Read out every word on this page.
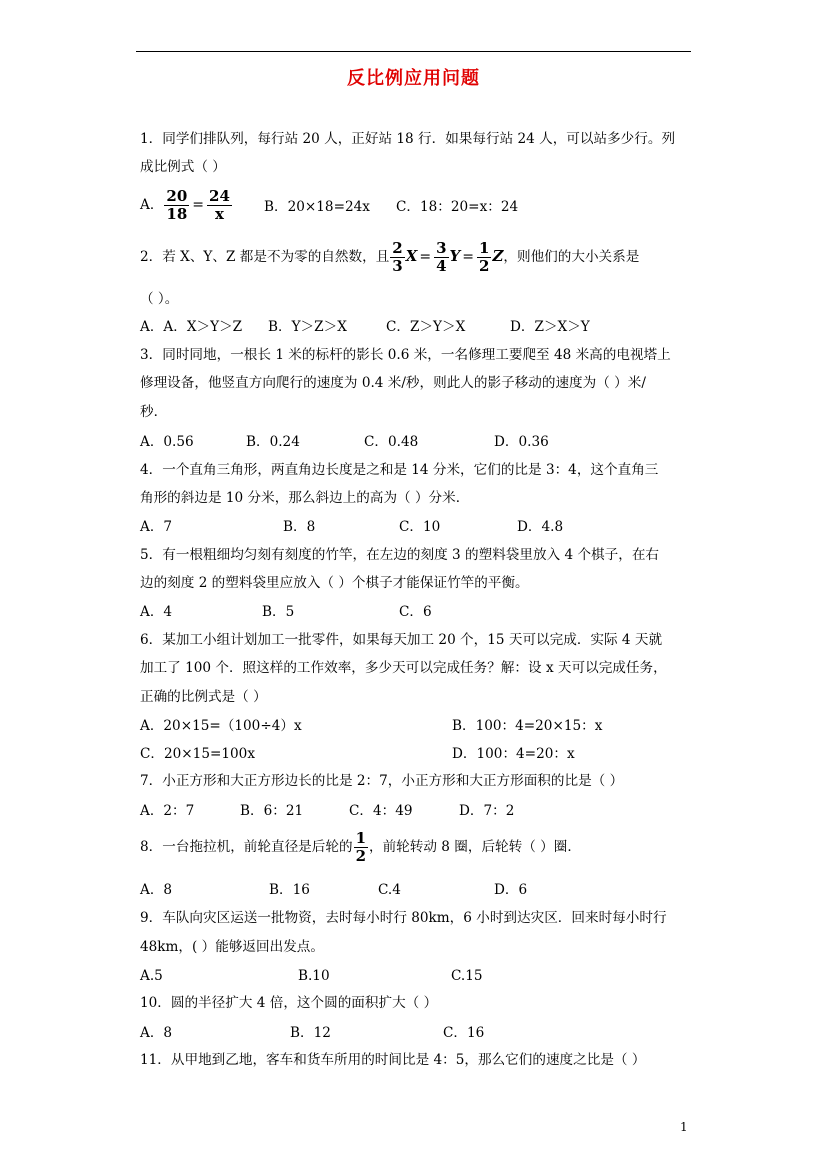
反比例应用问题
1．同学们排队列，每行站 20 人，正好站 18 行．如果每行站 24 人，可以站多少行。列
成比例式（ ）
A． $\frac{20}{18} = \frac{24}{x}$ B．20×18=24x C．18：20=x：24
2．若 X、Y、Z 都是不为零的自然数，且 $\frac{2}{3}$ $X = \frac{3}{4}$ $Y = \frac{1}{2}$ Z，则他们的大小关系是
（ ）。
A．A．X＞Y＞Z B．Y＞Z＞X	C．Z＞Y＞X	D．Z＞X＞Y
3．同时同地，一根长 1 米的标杆的影长 0.6 米，一名修理工要爬至 48 米高的电视塔上
修理设备，他竖直方向爬行的速度为 0.4 米/秒，则此人的影子移动的速度为（ ）米/
秒．
A．0.56	B．0.24	C．0.48	D．0.36
4．一个直角三角形，两直角边长度是之和是 14 分米，它们的比是 3：4，这个直角三
角形的斜边是 10 分米，那么斜边上的高为（ ）分米．
A．7	B．8	C．10	D．4.8
5．有一根粗细均匀刻有刻度的竹竿，在左边的刻度 3 的塑料袋里放入 4 个棋子，在右
边的刻度 2 的塑料袋里应放入（ ）个棋子才能保证竹竿的平衡。
A．4	B．5	C．6
6．某加工小组计划加工一批零件，如果每天加工 20 个，15 天可以完成．实际 4 天就
加工了 100 个．照这样的工作效率，多少天可以完成任务？解：设 x 天可以完成任务，
正确的比例式是（ ）
A．20×15=（100÷4）x	B．100：4=20×15：x
C．20×15=100x	D．100：4=20：x
7．小正方形和大正方形边长的比是 2：7，小正方形和大正方形面积的比是（ ）
A．2：7	B．6：21	C．4：49	D．7：2
8．一台拖拉机，前轮直径是后轮的 $\frac{1}{2}$ ，前轮转动 8 圈，后轮转（ ）圈．
A．8	B．16	C.4	D．6
9．车队向灾区运送一批物资，去时每小时行 80km，6 小时到达灾区．回来时每小时行
48km，( ）能够返回出发点。
A.5	B.10	C.15
10．圆的半径扩大 4 倍，这个圆的面积扩大（ ）
A．8	B．12	C．16
11．从甲地到乙地，客车和货车所用的时间比是 4：5，那么它们的速度之比是（ ）
1
